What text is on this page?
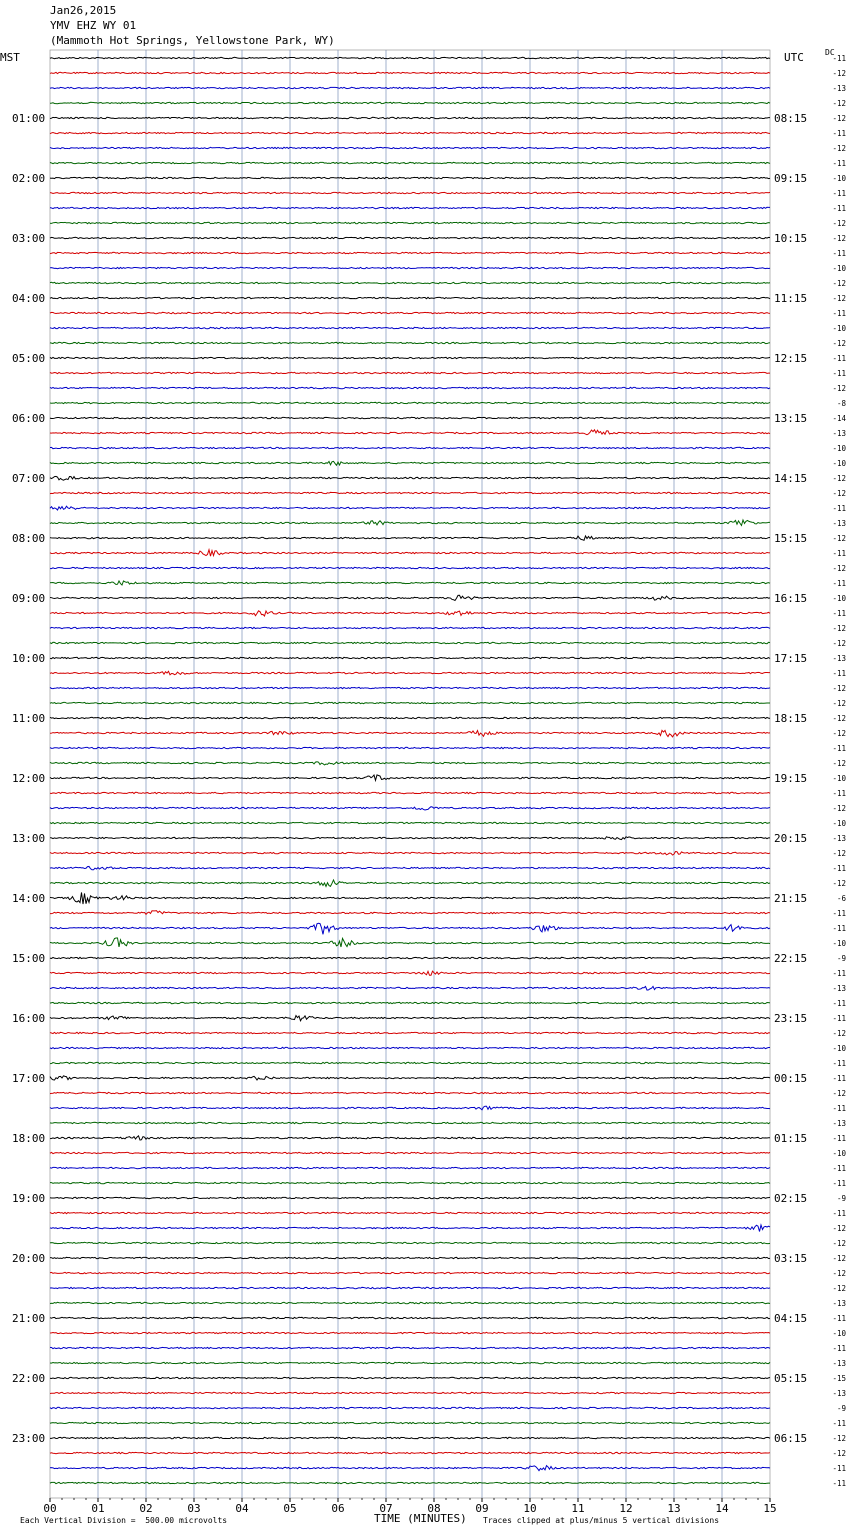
Jan26,2015
YMV EHZ WY 01
(Mammoth Hot Springs, Yellowstone Park, WY)
MST	UTC	DC
01:00
02:00
03:00
04:00
05:00
06:00
07:00
08:00
09:00
10:00
11:00
12:00
13:00
14:00
15:00
16:00
17:00
18:00
19:00
20:00
21:00
22:00
23:00
08:15
09:15
10:15
11:15
12:15
13:15
14:15
15:15
16:15
17:15
18:15
19:15
20:15
21:15
22:15
23:15
00:15
01:15
02:15
03:15
04:15
05:15
06:15
-11
-12
-13
-12
-12
-11
-12
-11
-10
-11
-11
-12
-12
-11
-10
-12
-12
-11
-10
-12
-11
-11
-12
-8
-14
-13
-10
-10
-12
-12
-11
-13
-12
-11
-12
-11
-10
-11
-12
-12
-13
-11
-12
-12
-12
-12
-11
-12
-10
-11
-12
-10
-13
-12
-11
-12
-6
-11
-11
-10
-9
-11
-13
-11
-11
-12
-10
-11
-11
-12
-11
-13
-11
-10
-11
-11
-9
-11
-12
-12
-12
-12
-12
-13
-11
-10
-11
-13
-15
-13
-9
-11
-12
-12
-11
-11
00	01	02	03	04	05	06	07	08	09	10	11	12	13	14	15
TIME (MINUTES)
Each Vertical Division =  500.00 microvolts	Traces clipped at plus/minus 5 vertical divisions
